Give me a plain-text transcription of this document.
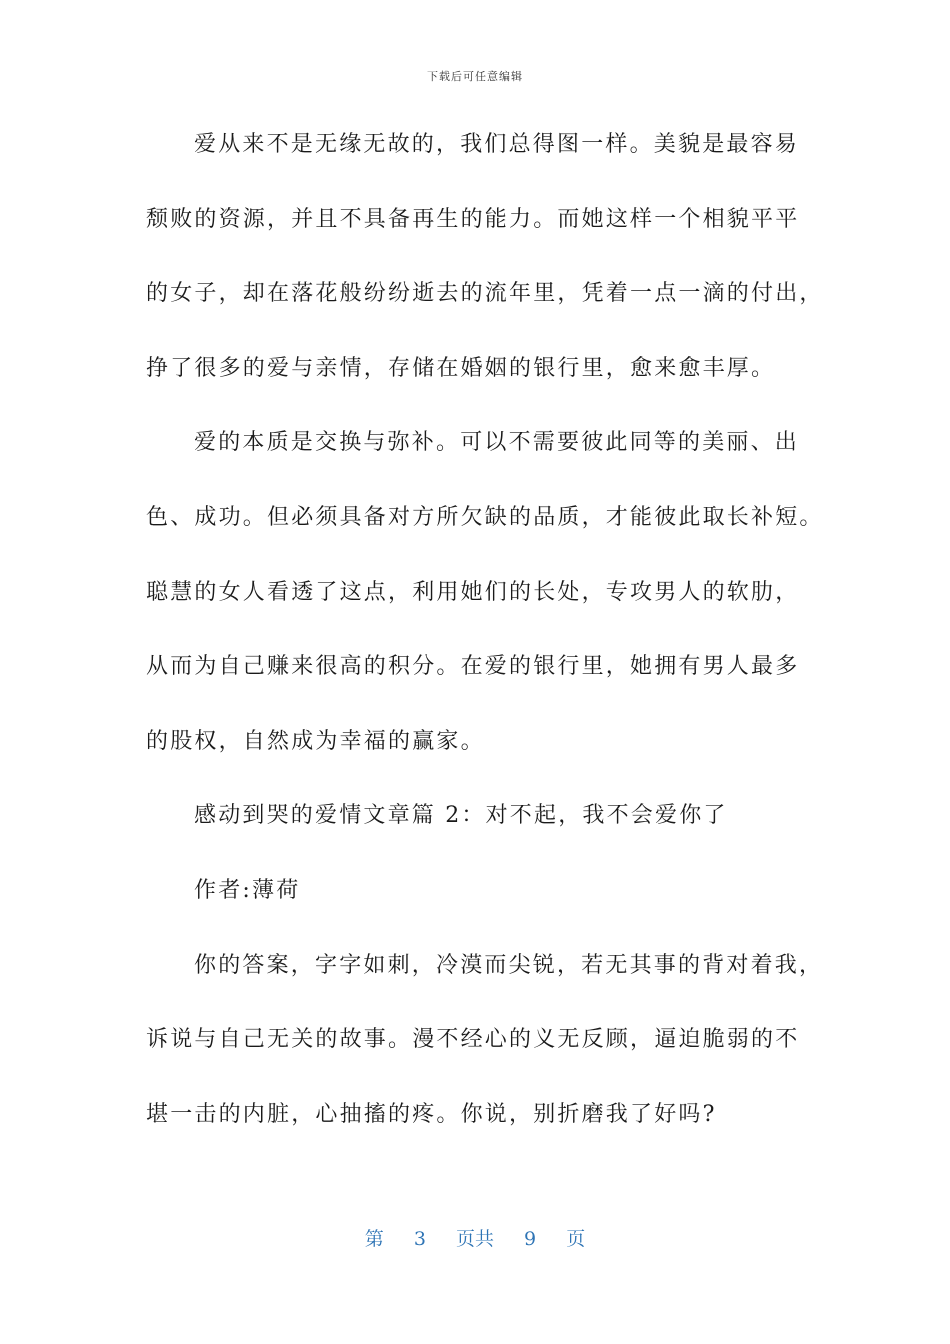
下载后可任意编辑
爱从来不是无缘无故的，我们总得图一样。美貌是最容易
颓败的资源，并且不具备再生的能力。而她这样一个相貌平平
的女子，却在落花般纷纷逝去的流年里，凭着一点一滴的付出，
挣了很多的爱与亲情，存储在婚姻的银行里，愈来愈丰厚。
爱的本质是交换与弥补。可以不需要彼此同等的美丽、出
色、成功。但必须具备对方所欠缺的品质，才能彼此取长补短。
聪慧的女人看透了这点，利用她们的长处，专攻男人的软肋，
从而为自己赚来很高的积分。在爱的银行里，她拥有男人最多
的股权，自然成为幸福的赢家。
感动到哭的爱情文章篇 2：对不起，我不会爱你了
作者:薄荷
你的答案，字字如刺，冷漠而尖锐，若无其事的背对着我，
诉说与自己无关的故事。漫不经心的义无反顾，逼迫脆弱的不
堪一击的内脏，心抽搐的疼。你说，别折磨我了好吗?
第 3 页共 9 页
